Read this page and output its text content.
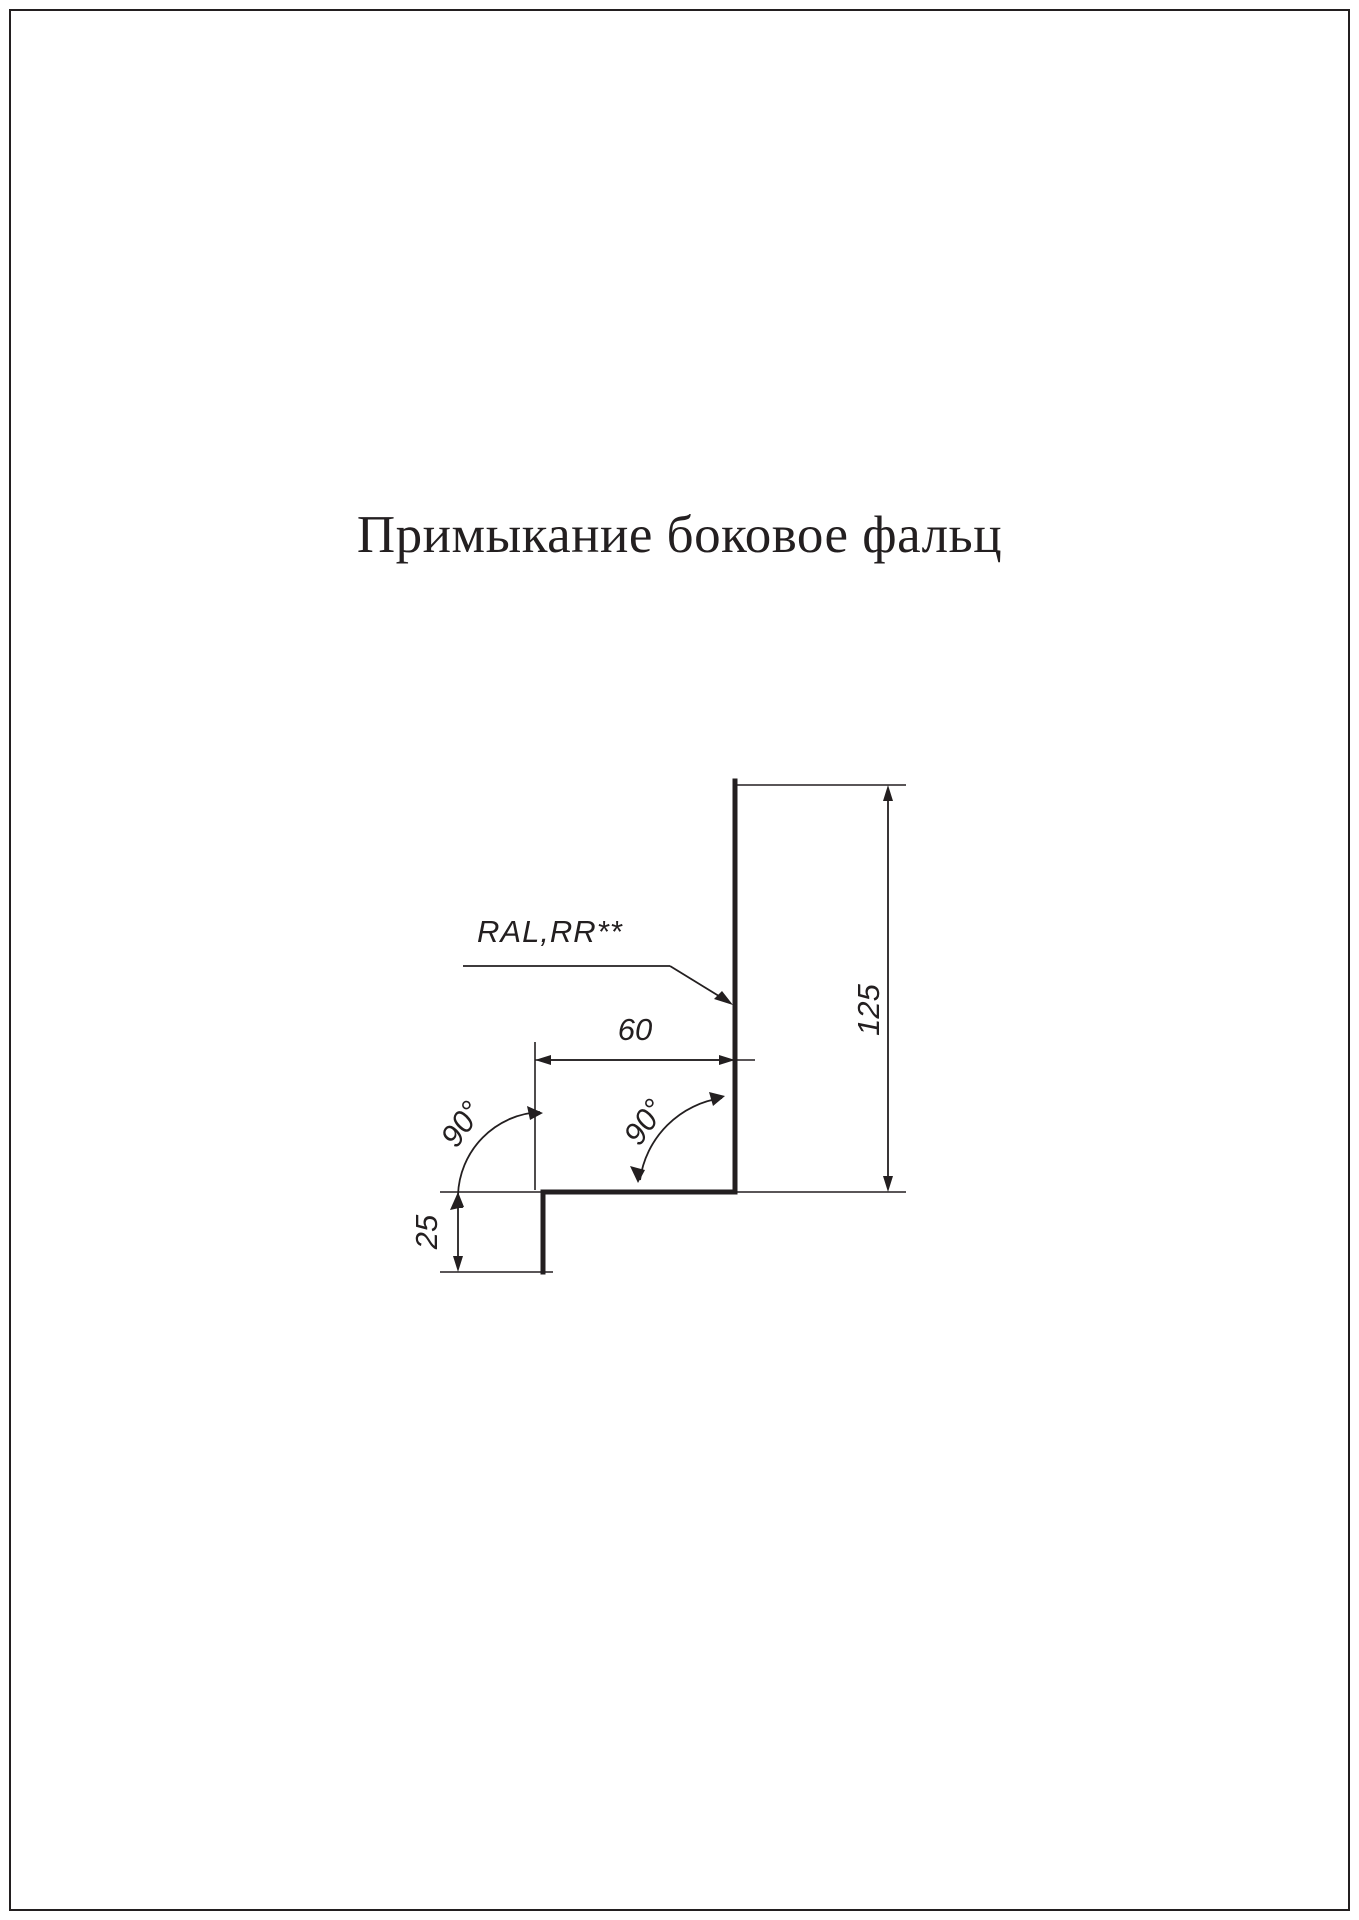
Примыкание боковое фальц
125
60
25
90°	90°
RAL,RR**
